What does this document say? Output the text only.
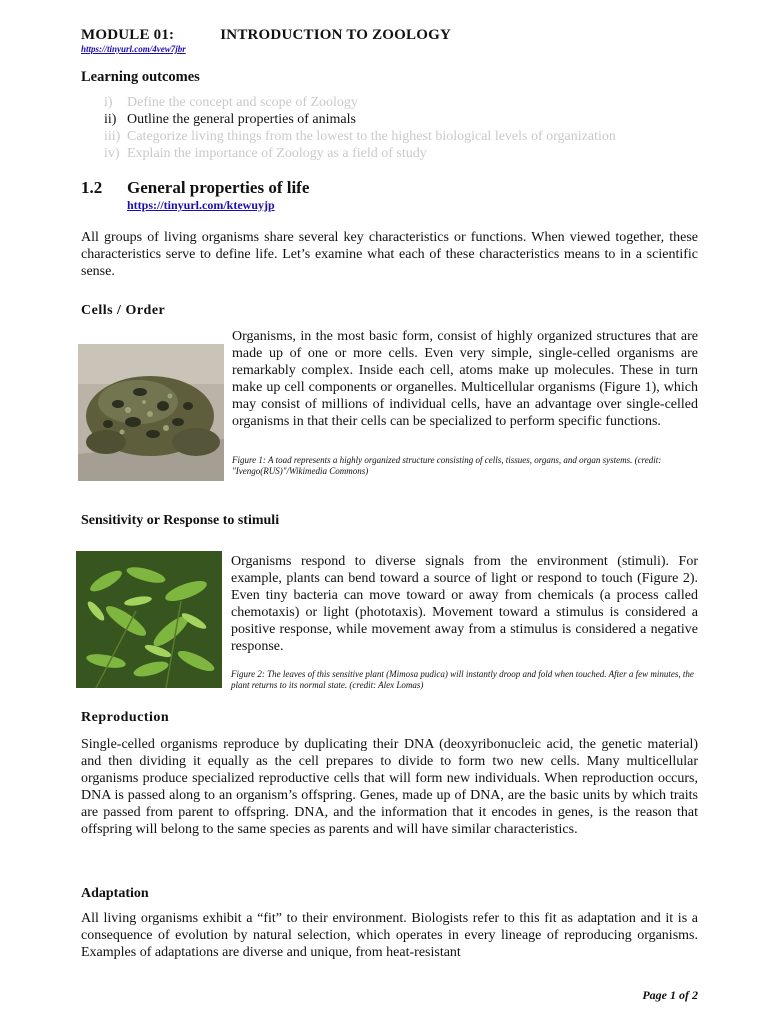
MODULE 01:	INTRODUCTION TO ZOOLOGY
https://tinyurl.com/4vew7jbr
Learning outcomes
i) Define the concept and scope of Zoology
ii) Outline the general properties of animals
iii) Categorize living things from the lowest to the highest biological levels of organization
iv) Explain the importance of Zoology as a field of study
1.2 General properties of life
https://tinyurl.com/ktewuyjp

All groups of living organisms share several key characteristics or functions. When viewed together, these characteristics serve to define life. Let’s examine what each of these characteristics means to in a scientific sense.

Cells / Order

Organisms, in the most basic form, consist of highly organized structures that are made up of one or more cells. Even very simple, single-celled organisms are remarkably complex. Inside each cell, atoms make up molecules. These in turn make up cell components or organelles. Multicellular organisms (Figure 1), which may consist of millions of individual cells, have an advantage over single-celled organisms in that their cells can be specialized to perform specific functions.

Figure 1: A toad represents a highly organized structure consisting of cells, tissues, organs, and organ systems. (credit: "Ivengo(RUS)"/Wikimedia Commons)
Sensitivity or Response to stimuli

Organisms respond to diverse signals from the environment (stimuli). For example, plants can bend toward a source of light or respond to touch (Figure 2). Even tiny bacteria can move toward or away from chemicals (a process called chemotaxis) or light (phototaxis). Movement toward a stimulus is considered a positive response, while movement away from a stimulus is considered a negative response.

Figure 2: The leaves of this sensitive plant (Mimosa pudica) will instantly droop and fold when touched. After a few minutes, the plant returns to its normal state. (credit: Alex Lomas)
Reproduction

Single-celled organisms reproduce by duplicating their DNA (deoxyribonucleic acid, the genetic material) and then dividing it equally as the cell prepares to divide to form two new cells. Many multicellular organisms produce specialized reproductive cells that will form new individuals. When reproduction occurs, DNA is passed along to an organism’s offspring. Genes, made up of DNA, are the basic units by which traits are passed from parent to offspring. DNA, and the information that it encodes in genes, is the reason that offspring will belong to the same species as parents and will have similar characteristics.

Adaptation

All living organisms exhibit a “fit” to their environment. Biologists refer to this fit as adaptation and it is a consequence of evolution by natural selection, which operates in every lineage of reproducing organisms. Examples of adaptations are diverse and unique, from heat-resistant

Page 1 of 2
